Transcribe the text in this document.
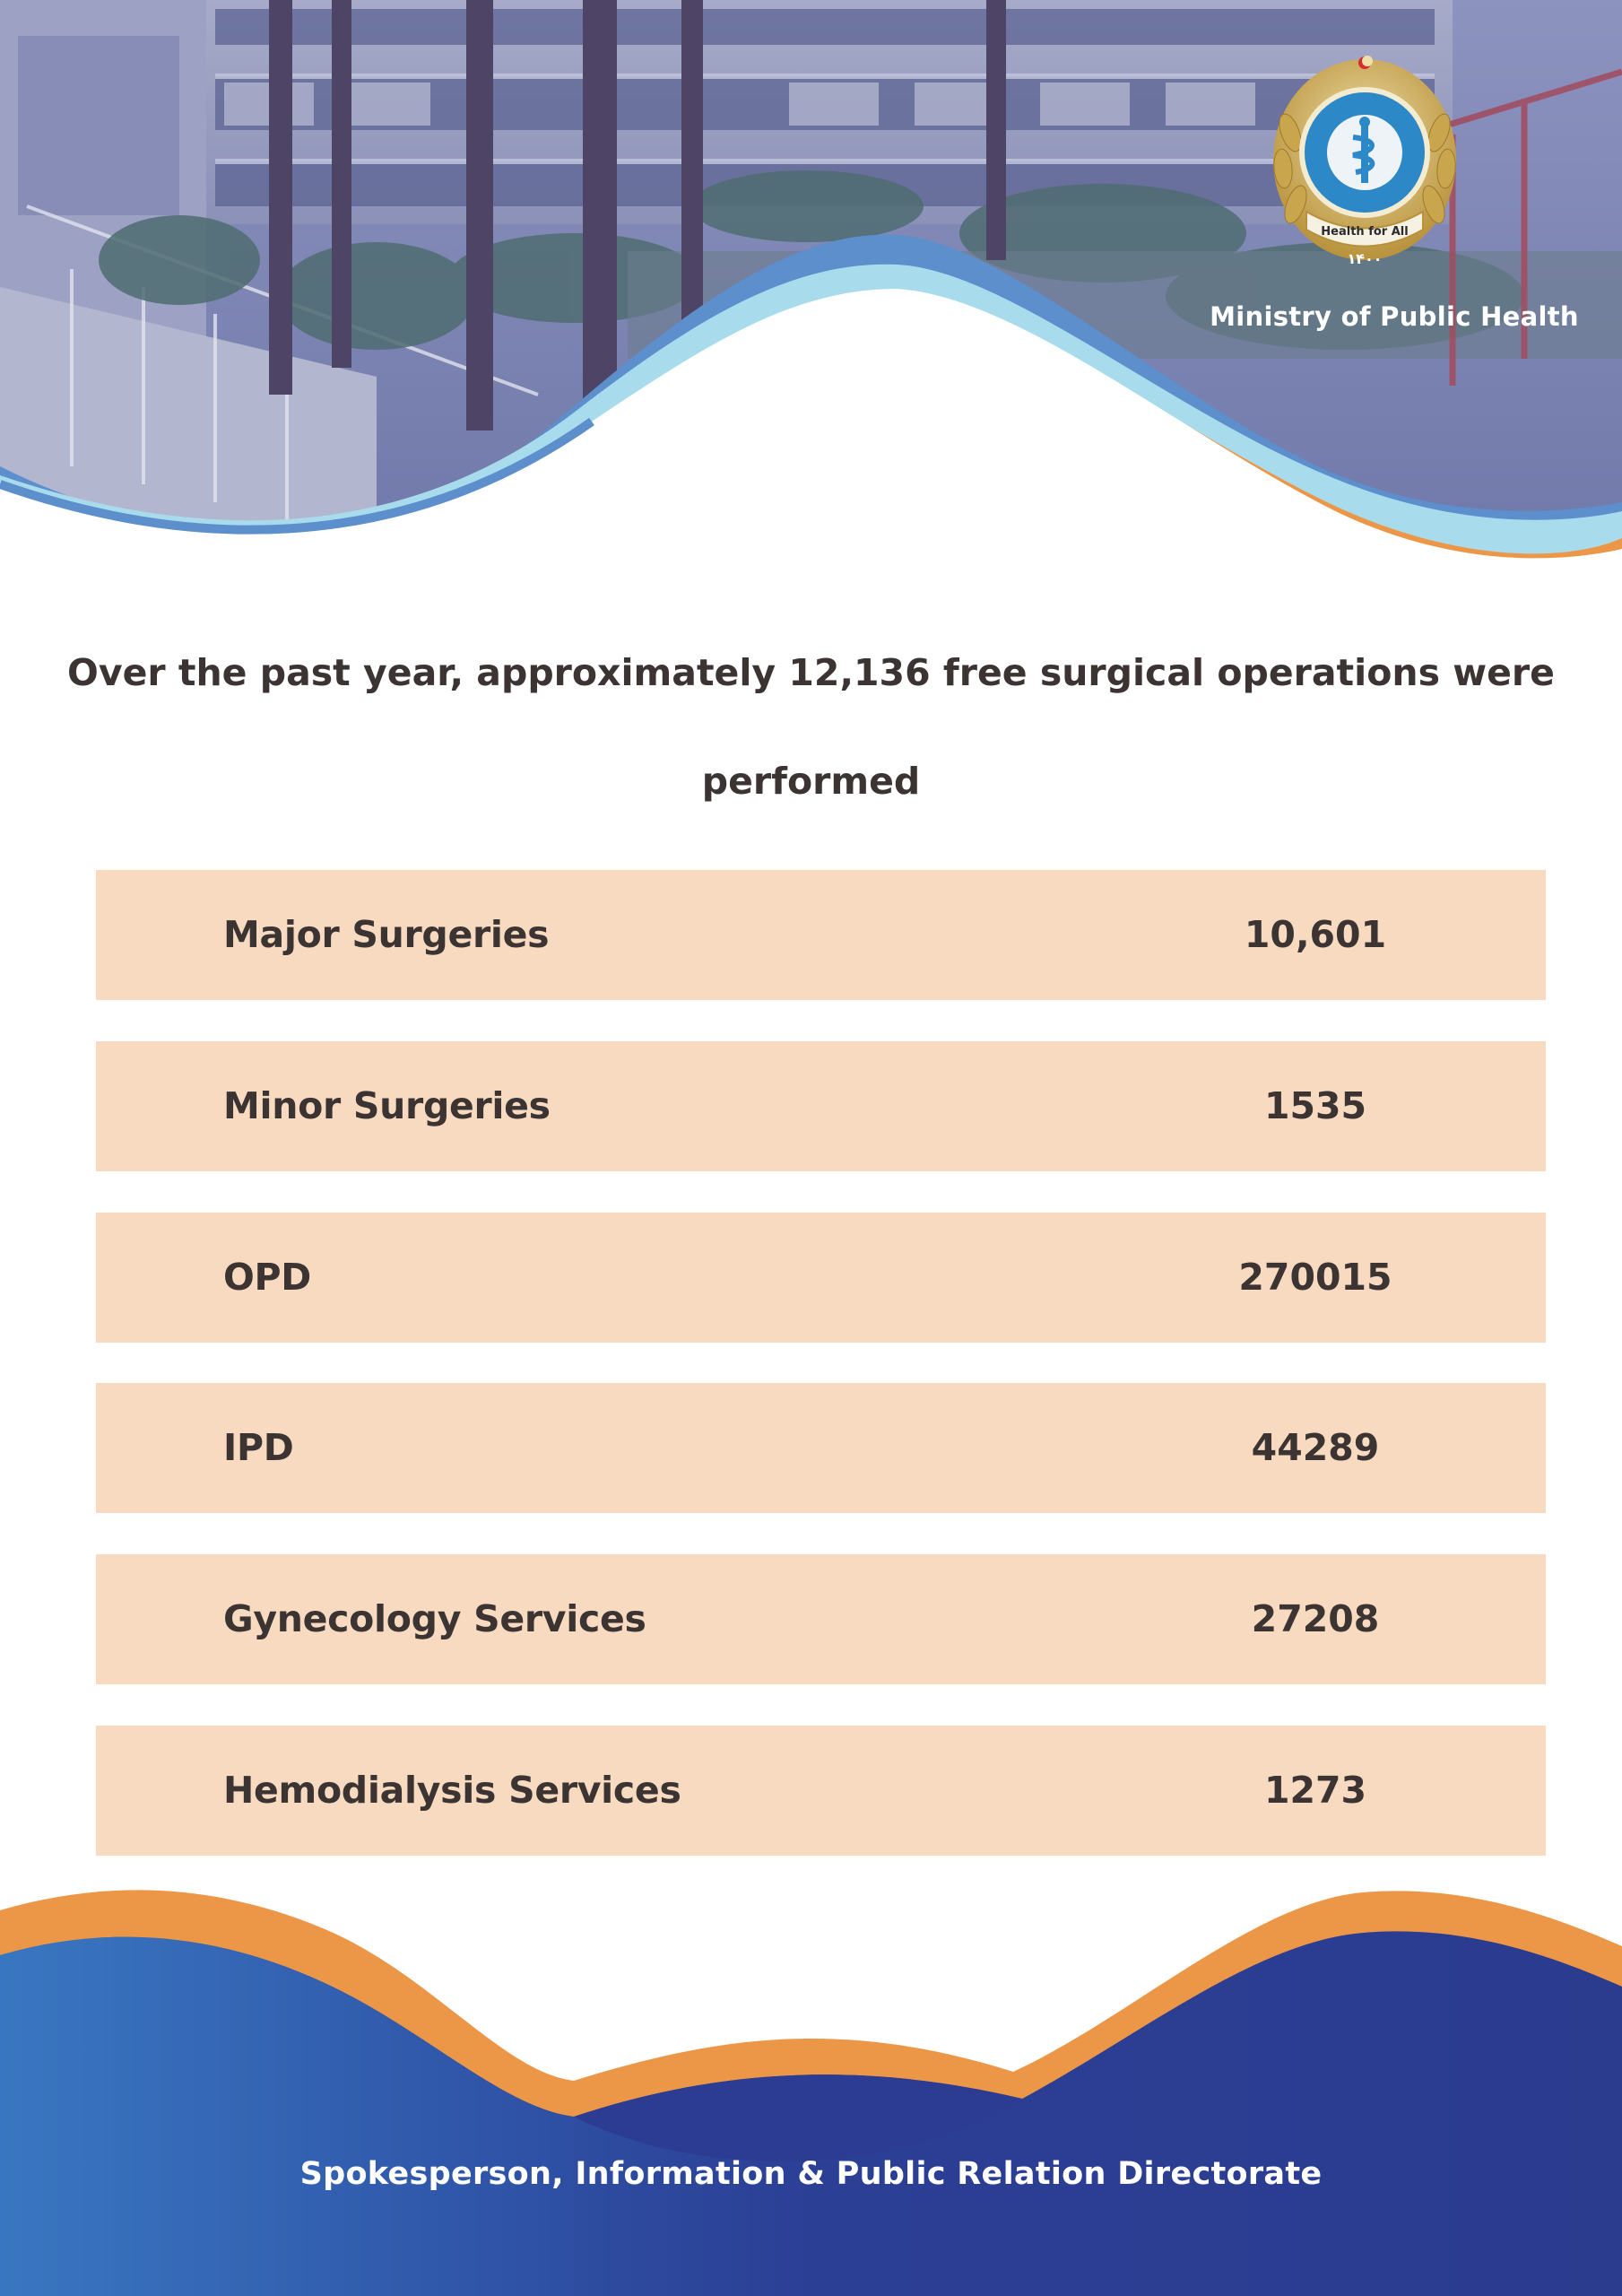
Health for All
۱۴۰۰
Ministry of Public Health
Over the past year, approximately 12,136 free surgical operations were performed
Major Surgeries	10,601
Minor Surgeries	1535
OPD	270015
IPD	44289
Gynecology Services	27208
Hemodialysis Services	1273
Spokesperson, Information & Public Relation Directorate
